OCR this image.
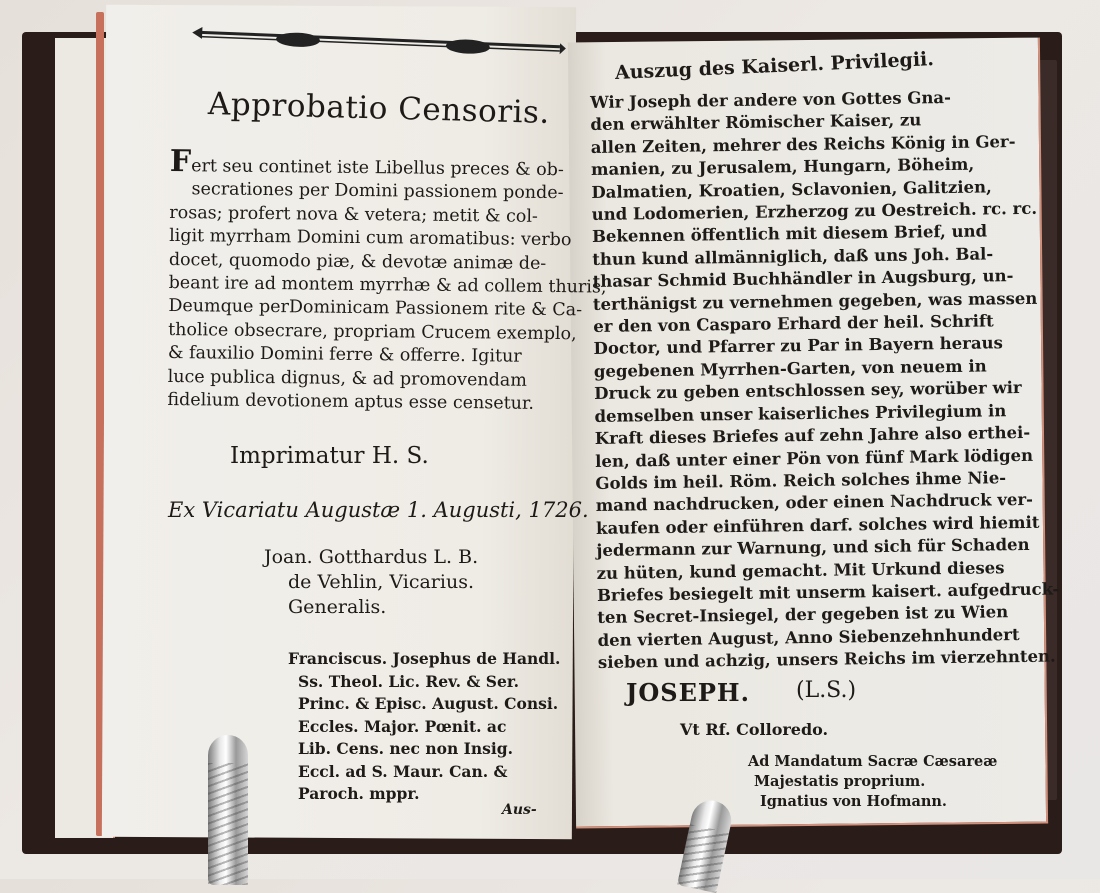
Approbatio Censoris.
Fert seu continet iste Libellus preces & ob-
secrationes per Domini passionem ponde-
rosas; profert nova & vetera; metit & col-
ligit myrrham Domini cum aromatibus: verbo
docet, quomodo piæ, & devotæ animæ de-
beant ire ad montem myrrhæ & ad collem thuris,
Deumque perDominicam Passionem rite & Ca-
tholice obsecrare, propriam Crucem exemplo,
& fauxilio Domini ferre & offerre. Igitur
luce publica dignus, & ad promovendam
fidelium devotionem aptus esse censetur.
Imprimatur H. S.
Ex Vicariatu Augustæ 1. Augusti, 1726.
Joan. Gotthardus L. B.
de Vehlin, Vicarius.
Generalis.
Franciscus. Josephus de Handl.
Ss. Theol. Lic. Rev. & Ser.
Princ. & Episc. August. Consi.
Eccles. Major. Pœnit. ac
Lib. Cens. nec non Insig.
Eccl. ad S. Maur. Can. &
Paroch. mppr.
Aus-
Auszug des Kaiserl. Privilegii.
Wir Joseph der andere von Gottes Gna-
den erwählter Römischer Kaiser, zu
allen Zeiten, mehrer des Reichs König in Ger-
manien, zu Jerusalem, Hungarn, Böheim,
Dalmatien, Kroatien, Sclavonien, Galitzien,
und Lodomerien, Erzherzog zu Oestreich. rc. rc.
Bekennen öffentlich mit diesem Brief, und
thun kund allmänniglich, daß uns Joh. Bal-
thasar Schmid Buchhändler in Augsburg, un-
terthänigst zu vernehmen gegeben, was massen
er den von Casparo Erhard der heil. Schrift
Doctor, und Pfarrer zu Par in Bayern heraus
gegebenen Myrrhen-Garten, von neuem in
Druck zu geben entschlossen sey, worüber wir
demselben unser kaiserliches Privilegium in
Kraft dieses Briefes auf zehn Jahre also erthei-
len, daß unter einer Pön von fünf Mark lödigen
Golds im heil. Röm. Reich solches ihme Nie-
mand nachdrucken, oder einen Nachdruck ver-
kaufen oder einführen darf. solches wird hiemit
jedermann zur Warnung, und sich für Schaden
zu hüten, kund gemacht. Mit Urkund dieses
Briefes besiegelt mit unserm kaisert. aufgedruck-
ten Secret-Insiegel, der gegeben ist zu Wien
den vierten August, Anno Siebenzehnhundert
sieben und achzig, unsers Reichs im vierzehnten.
JOSEPH. (L.S.)
Vt Rf. Colloredo.
Ad Mandatum Sacræ Cæsareæ
Majestatis proprium.
Ignatius von Hofmann.
